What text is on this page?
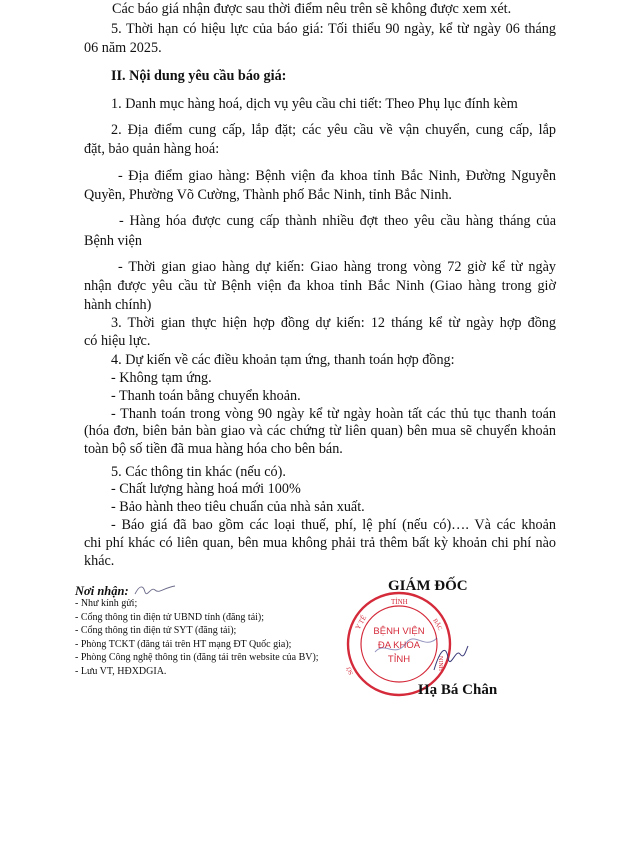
Các báo giá nhận được sau thời điểm nêu trên sẽ không được xem xét.
5. Thời hạn có hiệu lực của báo giá: Tối thiểu 90 ngày, kể từ ngày 06 tháng
06 năm 2025.
II. Nội dung yêu cầu báo giá:
1. Danh mục hàng hoá, dịch vụ yêu cầu chi tiết: Theo Phụ lục đính kèm
2. Địa điểm cung cấp, lắp đặt; các yêu cầu về vận chuyển, cung cấp, lắp
đặt, bảo quản hàng hoá:
- Địa điểm giao hàng: Bệnh viện đa khoa tỉnh Bắc Ninh, Đường Nguyễn
Quyền, Phường Võ Cường, Thành phố Bắc Ninh, tỉnh Bắc Ninh.
- Hàng hóa được cung cấp thành nhiều đợt theo yêu cầu hàng tháng của
Bệnh viện
- Thời gian giao hàng dự kiến: Giao hàng trong vòng 72 giờ kể từ ngày
nhận được yêu cầu từ Bệnh viện đa khoa tỉnh Bắc Ninh (Giao hàng trong giờ
hành chính)
3. Thời gian thực hiện hợp đồng dự kiến: 12 tháng kể từ ngày hợp đồng
có hiệu lực.
4. Dự kiến về các điều khoản tạm ứng, thanh toán hợp đồng:
- Không tạm ứng.
- Thanh toán bằng chuyển khoản.
- Thanh toán trong vòng 90 ngày kể từ ngày hoàn tất các thủ tục thanh toán
(hóa đơn, biên bản bàn giao và các chứng từ liên quan) bên mua sẽ chuyển khoản
toàn bộ số tiền đã mua hàng hóa cho bên bán.
5. Các thông tin khác (nếu có).
- Chất lượng hàng hoá mới 100%
- Bảo hành theo tiêu chuẩn của nhà sản xuất.
- Báo giá đã bao gồm các loại thuế, phí, lệ phí (nếu có)…. Và các khoản
chi phí khác có liên quan, bên mua không phải trả thêm bất kỳ khoản chi phí nào
khác.
Nơi nhận:
- Như kính gửi;
- Cổng thông tin điện tử UBND tỉnh (đăng tải);
- Cổng thông tin điện tử SYT (đăng tải);
- Phòng TCKT (đăng tải trên HT mạng ĐT Quốc gia);
- Phòng Công nghệ thông tin (đăng tải trên website của BV);
- Lưu VT, HĐXDGIA.
GIÁM ĐỐC
TỈNH
Y TẾ	BẮC
NINH
SỞ
BỆNH VIỆN
ĐA KHOA
TỈNH
Hạ Bá Chân
